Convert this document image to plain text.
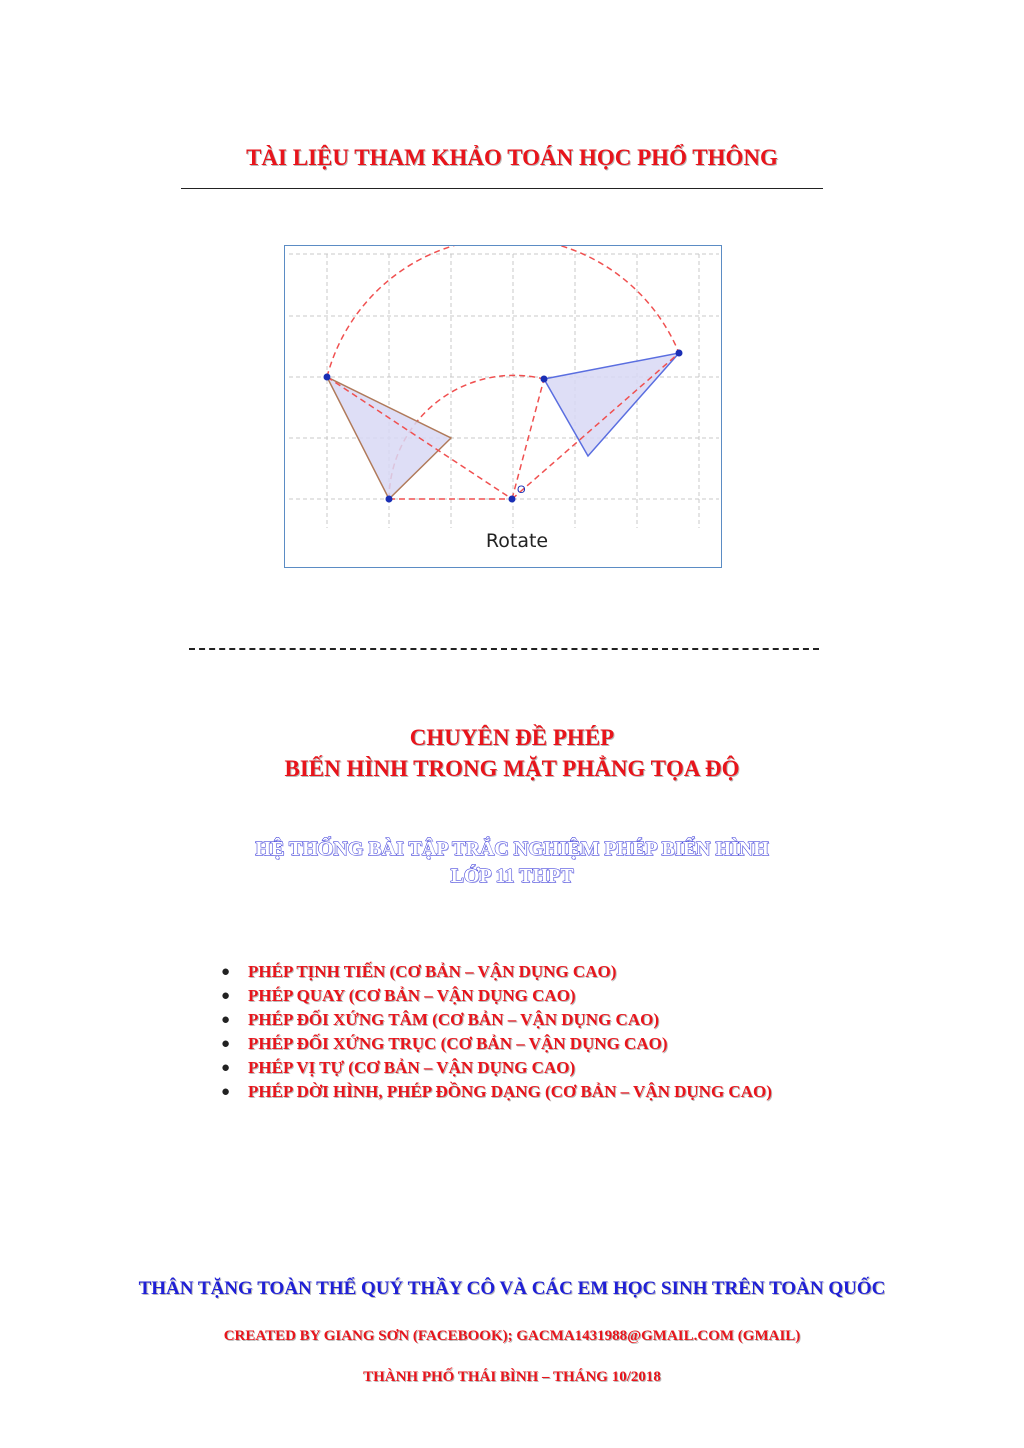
TÀI LIỆU THAM KHẢO TOÁN HỌC PHỔ THÔNG
O
Rotate
CHUYÊN ĐỀ PHÉP
BIẾN HÌNH TRONG MẶT PHẲNG TỌA ĐỘ
HỆ THỐNG BÀI TẬP TRẮC NGHIỆM PHÉP BIẾN HÌNH
LỚP 11 THPT
● PHÉP TỊNH TIẾN (CƠ BẢN – VẬN DỤNG CAO)
● PHÉP QUAY (CƠ BẢN – VẬN DỤNG CAO)
● PHÉP ĐỐI XỨNG TÂM (CƠ BẢN – VẬN DỤNG CAO)
● PHÉP ĐỐI XỨNG TRỤC (CƠ BẢN – VẬN DỤNG CAO)
● PHÉP VỊ TỰ (CƠ BẢN – VẬN DỤNG CAO)
● PHÉP DỜI HÌNH, PHÉP ĐỒNG DẠNG (CƠ BẢN – VẬN DỤNG CAO)
THÂN TẶNG TOÀN THỂ QUÝ THẦY CÔ VÀ CÁC EM HỌC SINH TRÊN TOÀN QUỐC
CREATED BY GIANG SƠN (FACEBOOK); GACMA1431988@GMAIL.COM (GMAIL)
THÀNH PHỐ THÁI BÌNH – THÁNG 10/2018
